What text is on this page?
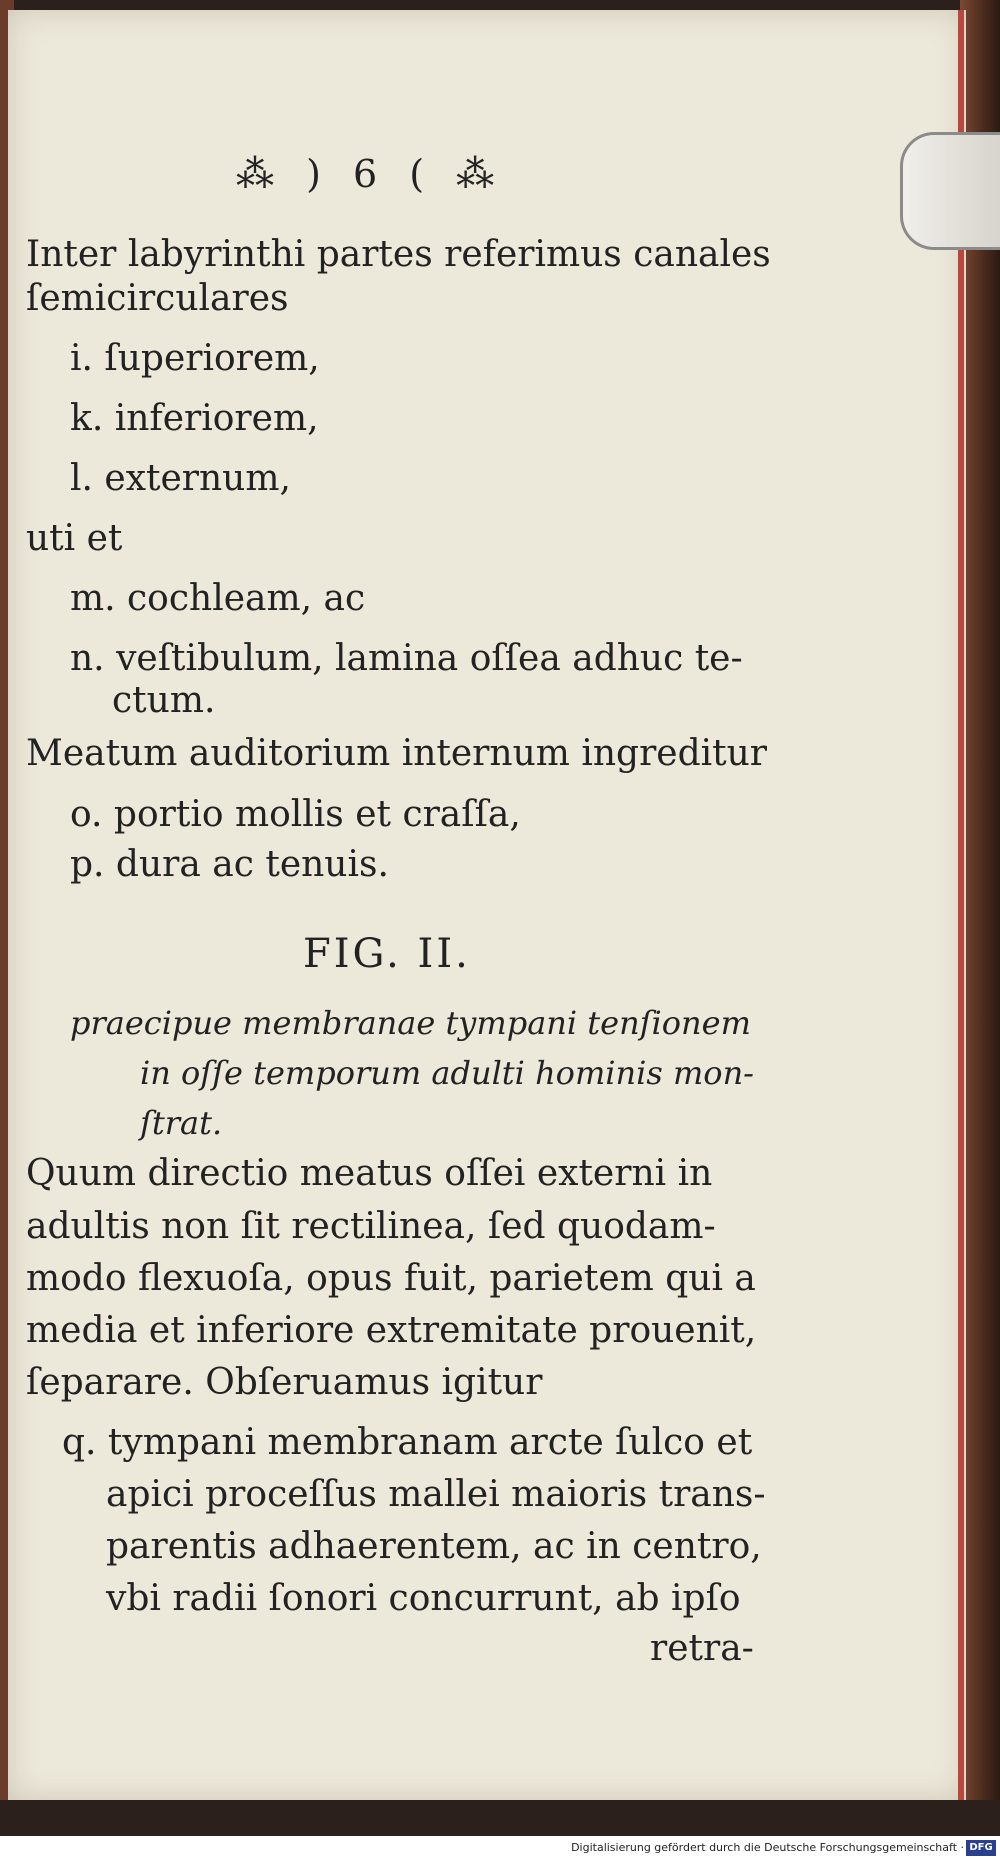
⁂ ) 6 ( ⁂
Inter labyrinthi partes referimus canales
ſemicirculares
i. ſuperiorem,
k. inferiorem,
l. externum,
uti et
m. cochleam, ac
n. veſtibulum, lamina oſſea adhuc te-
ctum.
Meatum auditorium internum ingreditur
o. portio mollis et craſſa,
p. dura ac tenuis.
FIG. II.
praecipue membranae tympani tenſionem
in oſſe temporum adulti hominis mon-
ſtrat.
Quum directio meatus oſſei externi in
adultis non ſit rectilinea, ſed quodam-
modo flexuoſa, opus fuit, parietem qui a
media et inferiore extremitate prouenit,
ſeparare. Obſeruamus igitur
q. tympani membranam arcte ſulco et
apici proceſſus mallei maioris trans-
parentis adhaerentem, ac in centro,
vbi radii ſonori concurrunt, ab ipſo
retra-
Digitalisierung gefördert durch die Deutsche Forschungsgemeinschaft · DFG
